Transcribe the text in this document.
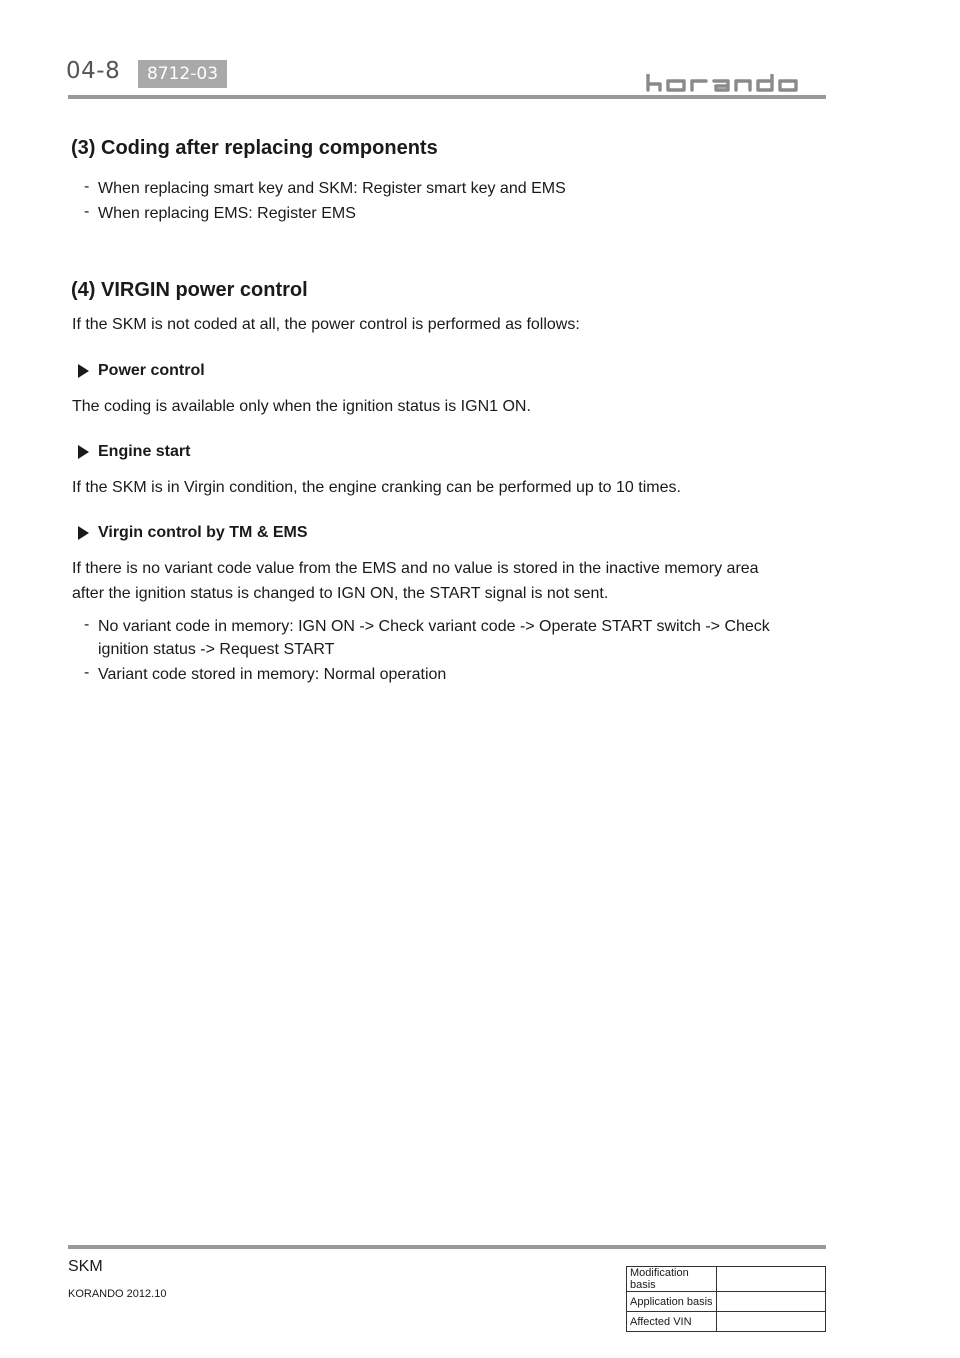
04-8	8712-03
(3) Coding after replacing components
- When replacing smart key and SKM: Register smart key and EMS
- When replacing EMS: Register EMS
(4) VIRGIN power control
If the SKM is not coded at all, the power control is performed as follows:
Power control
The coding is available only when the ignition status is IGN1 ON.
Engine start
If the SKM is in Virgin condition, the engine cranking can be performed up to 10 times.
Virgin control by TM & EMS
If there is no variant code value from the EMS and no value is stored in the inactive memory area
after the ignition status is changed to IGN ON, the START signal is not sent.
- No variant code in memory: IGN ON -> Check variant code -> Operate START switch -> Check ignition status -> Request START
- Variant code stored in memory: Normal operation
SKM
KORANDO 2012.10
Modification basis	
Application basis	
Affected VIN	
